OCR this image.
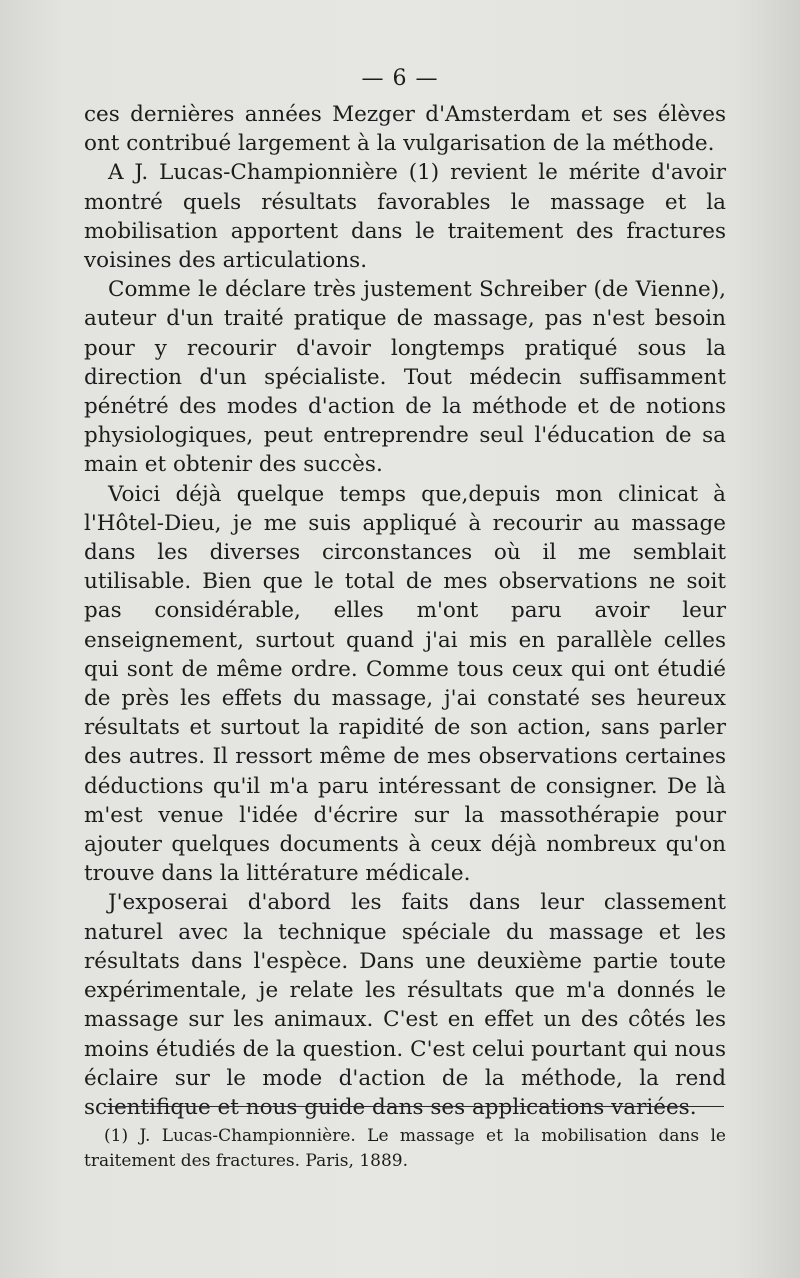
— 6 —

ces dernières années Mezger d'Amsterdam et ses élèves ont contribué largement à la vulgarisation de la méthode.

A J. Lucas-Championnière (1) revient le mérite d'avoir montré quels résultats favorables le massage et la mobilisation apportent dans le traitement des fractures voisines des articulations.

Comme le déclare très justement Schreiber (de Vienne), auteur d'un traité pratique de massage, pas n'est besoin pour y recourir d'avoir longtemps pratiqué sous la direction d'un spécialiste. Tout médecin suffisamment pénétré des modes d'action de la méthode et de notions physiologiques, peut entreprendre seul l'éducation de sa main et obtenir des succès.

Voici déjà quelque temps que,depuis mon clinicat à l'Hôtel-Dieu, je me suis appliqué à recourir au massage dans les diverses circonstances où il me semblait utilisable. Bien que le total de mes observations ne soit pas considérable, elles m'ont paru avoir leur enseignement, surtout quand j'ai mis en parallèle celles qui sont de même ordre. Comme tous ceux qui ont étudié de près les effets du massage, j'ai constaté ses heureux résultats et surtout la rapidité de son action, sans parler des autres. Il ressort même de mes observations certaines déductions qu'il m'a paru intéressant de consigner. De là m'est venue l'idée d'écrire sur la massothérapie pour ajouter quelques documents à ceux déjà nombreux qu'on trouve dans la littérature médicale.

J'exposerai d'abord les faits dans leur classement naturel avec la technique spéciale du massage et les résultats dans l'espèce. Dans une deuxième partie toute expérimentale, je relate les résultats que m'a donnés le massage sur les animaux. C'est en effet un des côtés les moins étudiés de la question. C'est celui pourtant qui nous éclaire sur le mode d'action de la méthode, la rend scientifique et nous guide dans ses applications variées.

(1) J. Lucas-Championnière. Le massage et la mobilisation dans le traitement des fractures. Paris, 1889.
